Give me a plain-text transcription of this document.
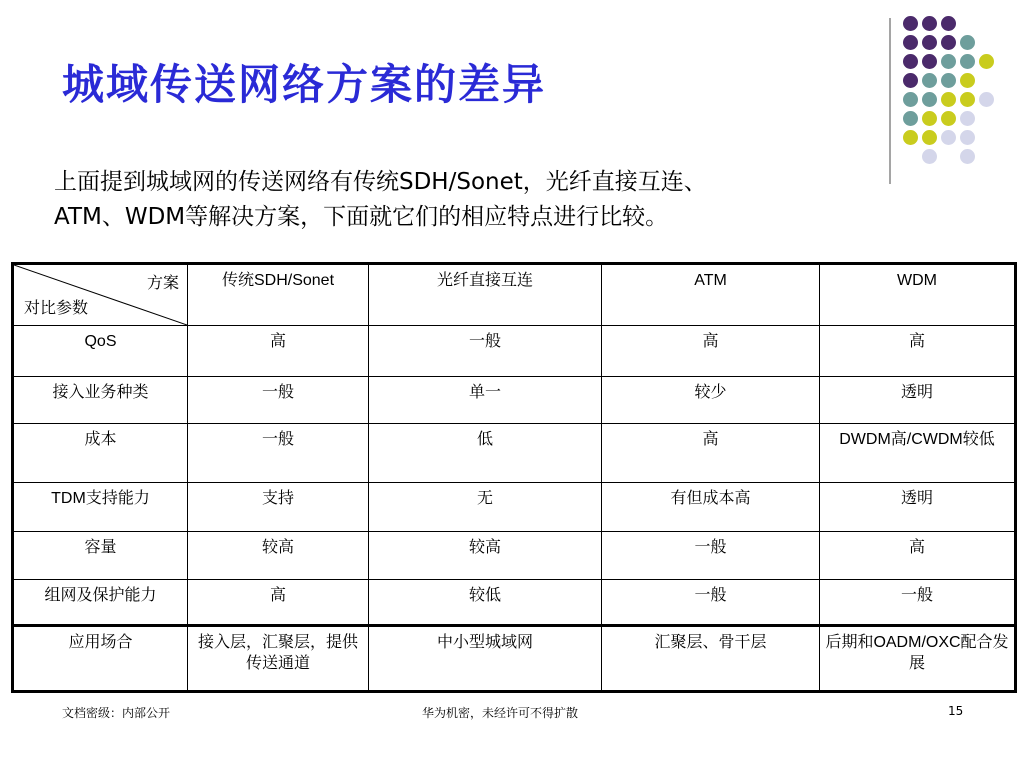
城域传送网络方案的差异
上面提到城域网的传送网络有传统SDH/Sonet，光纤直接互连、
ATM、WDM等解决方案，下面就它们的相应特点进行比较。
方案
对比参数	传统SDH/Sonet	光纤直接互连	ATM	WDM
QoS	高	一般	高	高
接入业务种类	一般	单一	较少	透明
成本	一般	低	高	DWDM高/CWDM较低
TDM支持能力	支持	无	有但成本高	透明
容量	较高	较高	一般	高
组网及保护能力	高	较低	一般	一般
应用场合	接入层，汇聚层，提供传送通道	中小型城域网	汇聚层、骨干层	后期和OADM/OXC配合发展
文档密级：内部公开	华为机密，未经许可不得扩散	15
